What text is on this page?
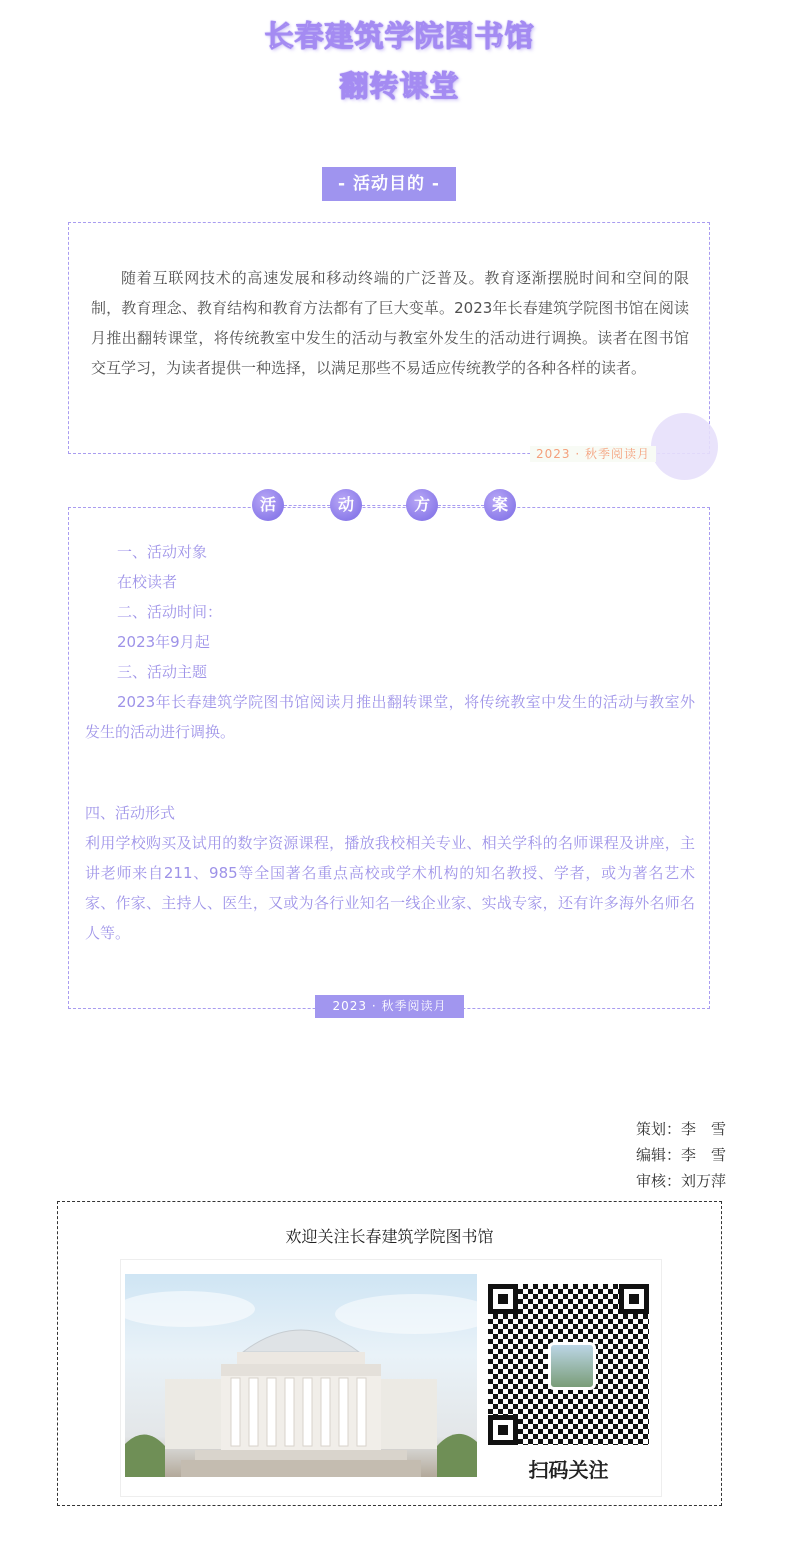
长春建筑学院图书馆
翻转课堂
- 活动目的 -

随着互联网技术的高速发展和移动终端的广泛普及。教育逐渐摆脱时间和空间的限制，教育理念、教育结构和教育方法都有了巨大变革。2023年长春建筑学院图书馆在阅读月推出翻转课堂，将传统教室中发生的活动与教室外发生的活动进行调换。读者在图书馆交互学习，为读者提供一种选择，以满足那些不易适应传统教学的各种各样的读者。

2023 · 秋季阅读月
活	动	方	案

一、活动对象

在校读者

二、活动时间：

2023年9月起

三、活动主题

2023年长春建筑学院图书馆阅读月推出翻转课堂，将传统教室中发生的活动与教室外发生的活动进行调换。

四、活动形式

利用学校购买及试用的数字资源课程，播放我校相关专业、相关学科的名师课程及讲座，主讲老师来自211、985等全国著名重点高校或学术机构的知名教授、学者，或为著名艺术家、作家、主持人、医生，又或为各行业知名一线企业家、实战专家，还有许多海外名师名人等。

2023 · 秋季阅读月
策划：李　雪
编辑：李　雪
审核：刘万萍
欢迎关注长春建筑学院图书馆
扫码关注
